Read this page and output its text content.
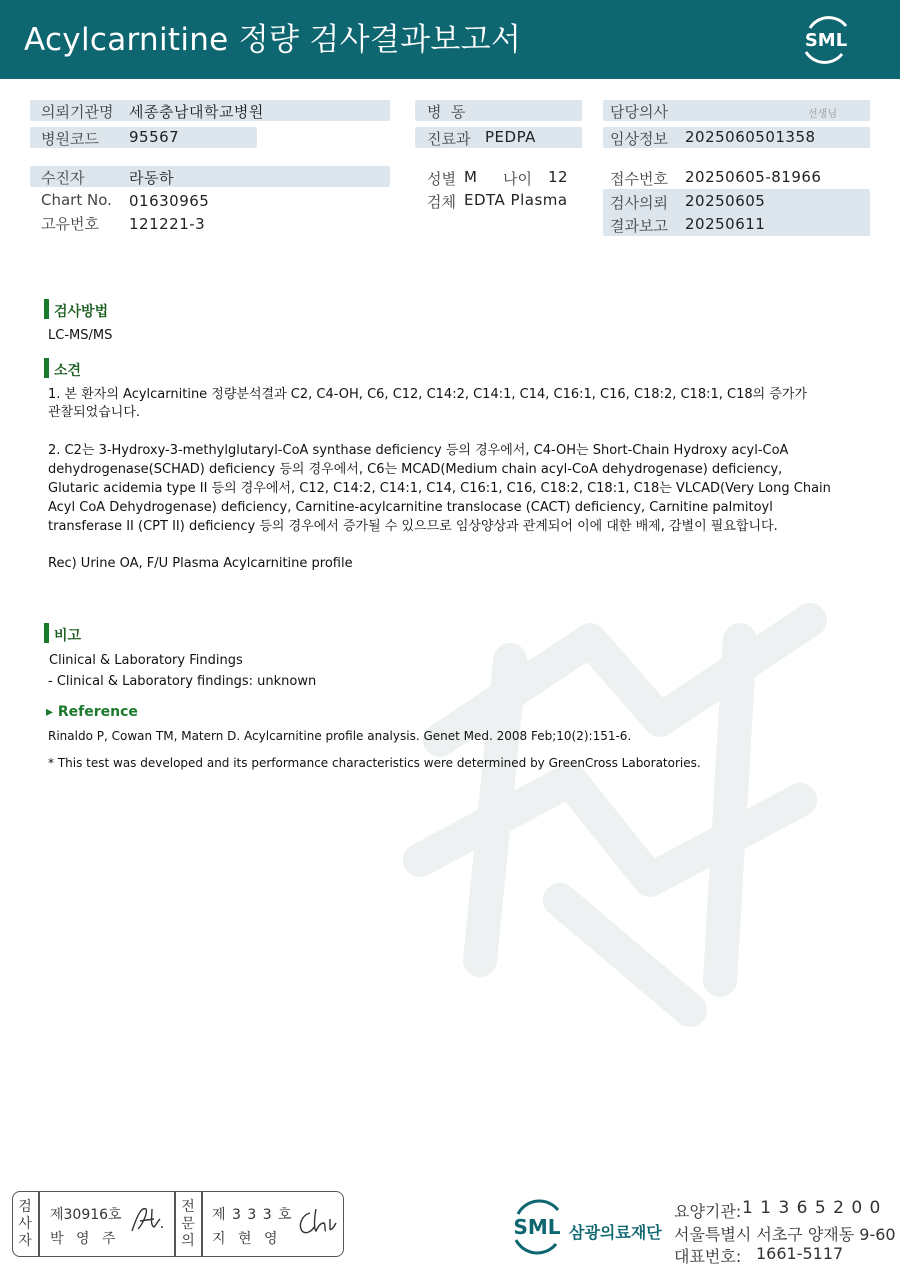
Acylcarnitine 정량 검사결과보고서	SML
의뢰기관명 세종충남대학교병원
병원코드 95567
병  동
진료과 PEDPA
담당의사	선생님
임상정보 2025060501358
수진자	라동하
Chart No. 01630965
고유번호 121221-3
성별 M 나이 12
검체 EDTA Plasma
접수번호 20250605-81966
검사의뢰 20250605
결과보고 20250611
검사방법
LC-MS/MS
소견
1. 본 환자의 Acylcarnitine 정량분석결과 C2, C4-OH, C6, C12, C14:2, C14:1, C14, C16:1, C16, C18:2, C18:1, C18의 증가가
관찰되었습니다.
2. C2는 3-Hydroxy-3-methylglutaryl-CoA synthase deficiency 등의 경우에서, C4-OH는 Short-Chain Hydroxy acyl-CoA
dehydrogenase(SCHAD) deficiency 등의 경우에서, C6는 MCAD(Medium chain acyl-CoA dehydrogenase) deficiency,
Glutaric acidemia type II 등의 경우에서, C12, C14:2, C14:1, C14, C16:1, C16, C18:2, C18:1, C18는 VLCAD(Very Long Chain
Acyl CoA Dehydrogenase) deficiency, Carnitine-acylcarnitine translocase (CACT) deficiency, Carnitine palmitoyl
transferase II (CPT II) deficiency 등의 경우에서 증가될 수 있으므로 임상양상과 관계되어 이에 대한 배제, 감별이 필요합니다.
Rec) Urine OA, F/U Plasma Acylcarnitine profile
비고
Clinical & Laboratory Findings
- Clinical & Laboratory findings: unknown
▸ Reference
Rinaldo P, Cowan TM, Matern D. Acylcarnitine profile analysis. Genet Med. 2008 Feb;10(2):151-6.
* This test was developed and its performance characteristics were determined by GreenCross Laboratories.
검
사
자
제30916호
박 영 주
전
문
의
제 3 3 3 호
지 현 영	SML 삼광의료재단
요양기관: 1 1 3 6 5 2 0 0
서울특별시 서초구 양재동 9-60
대표번호: 1661-5117
